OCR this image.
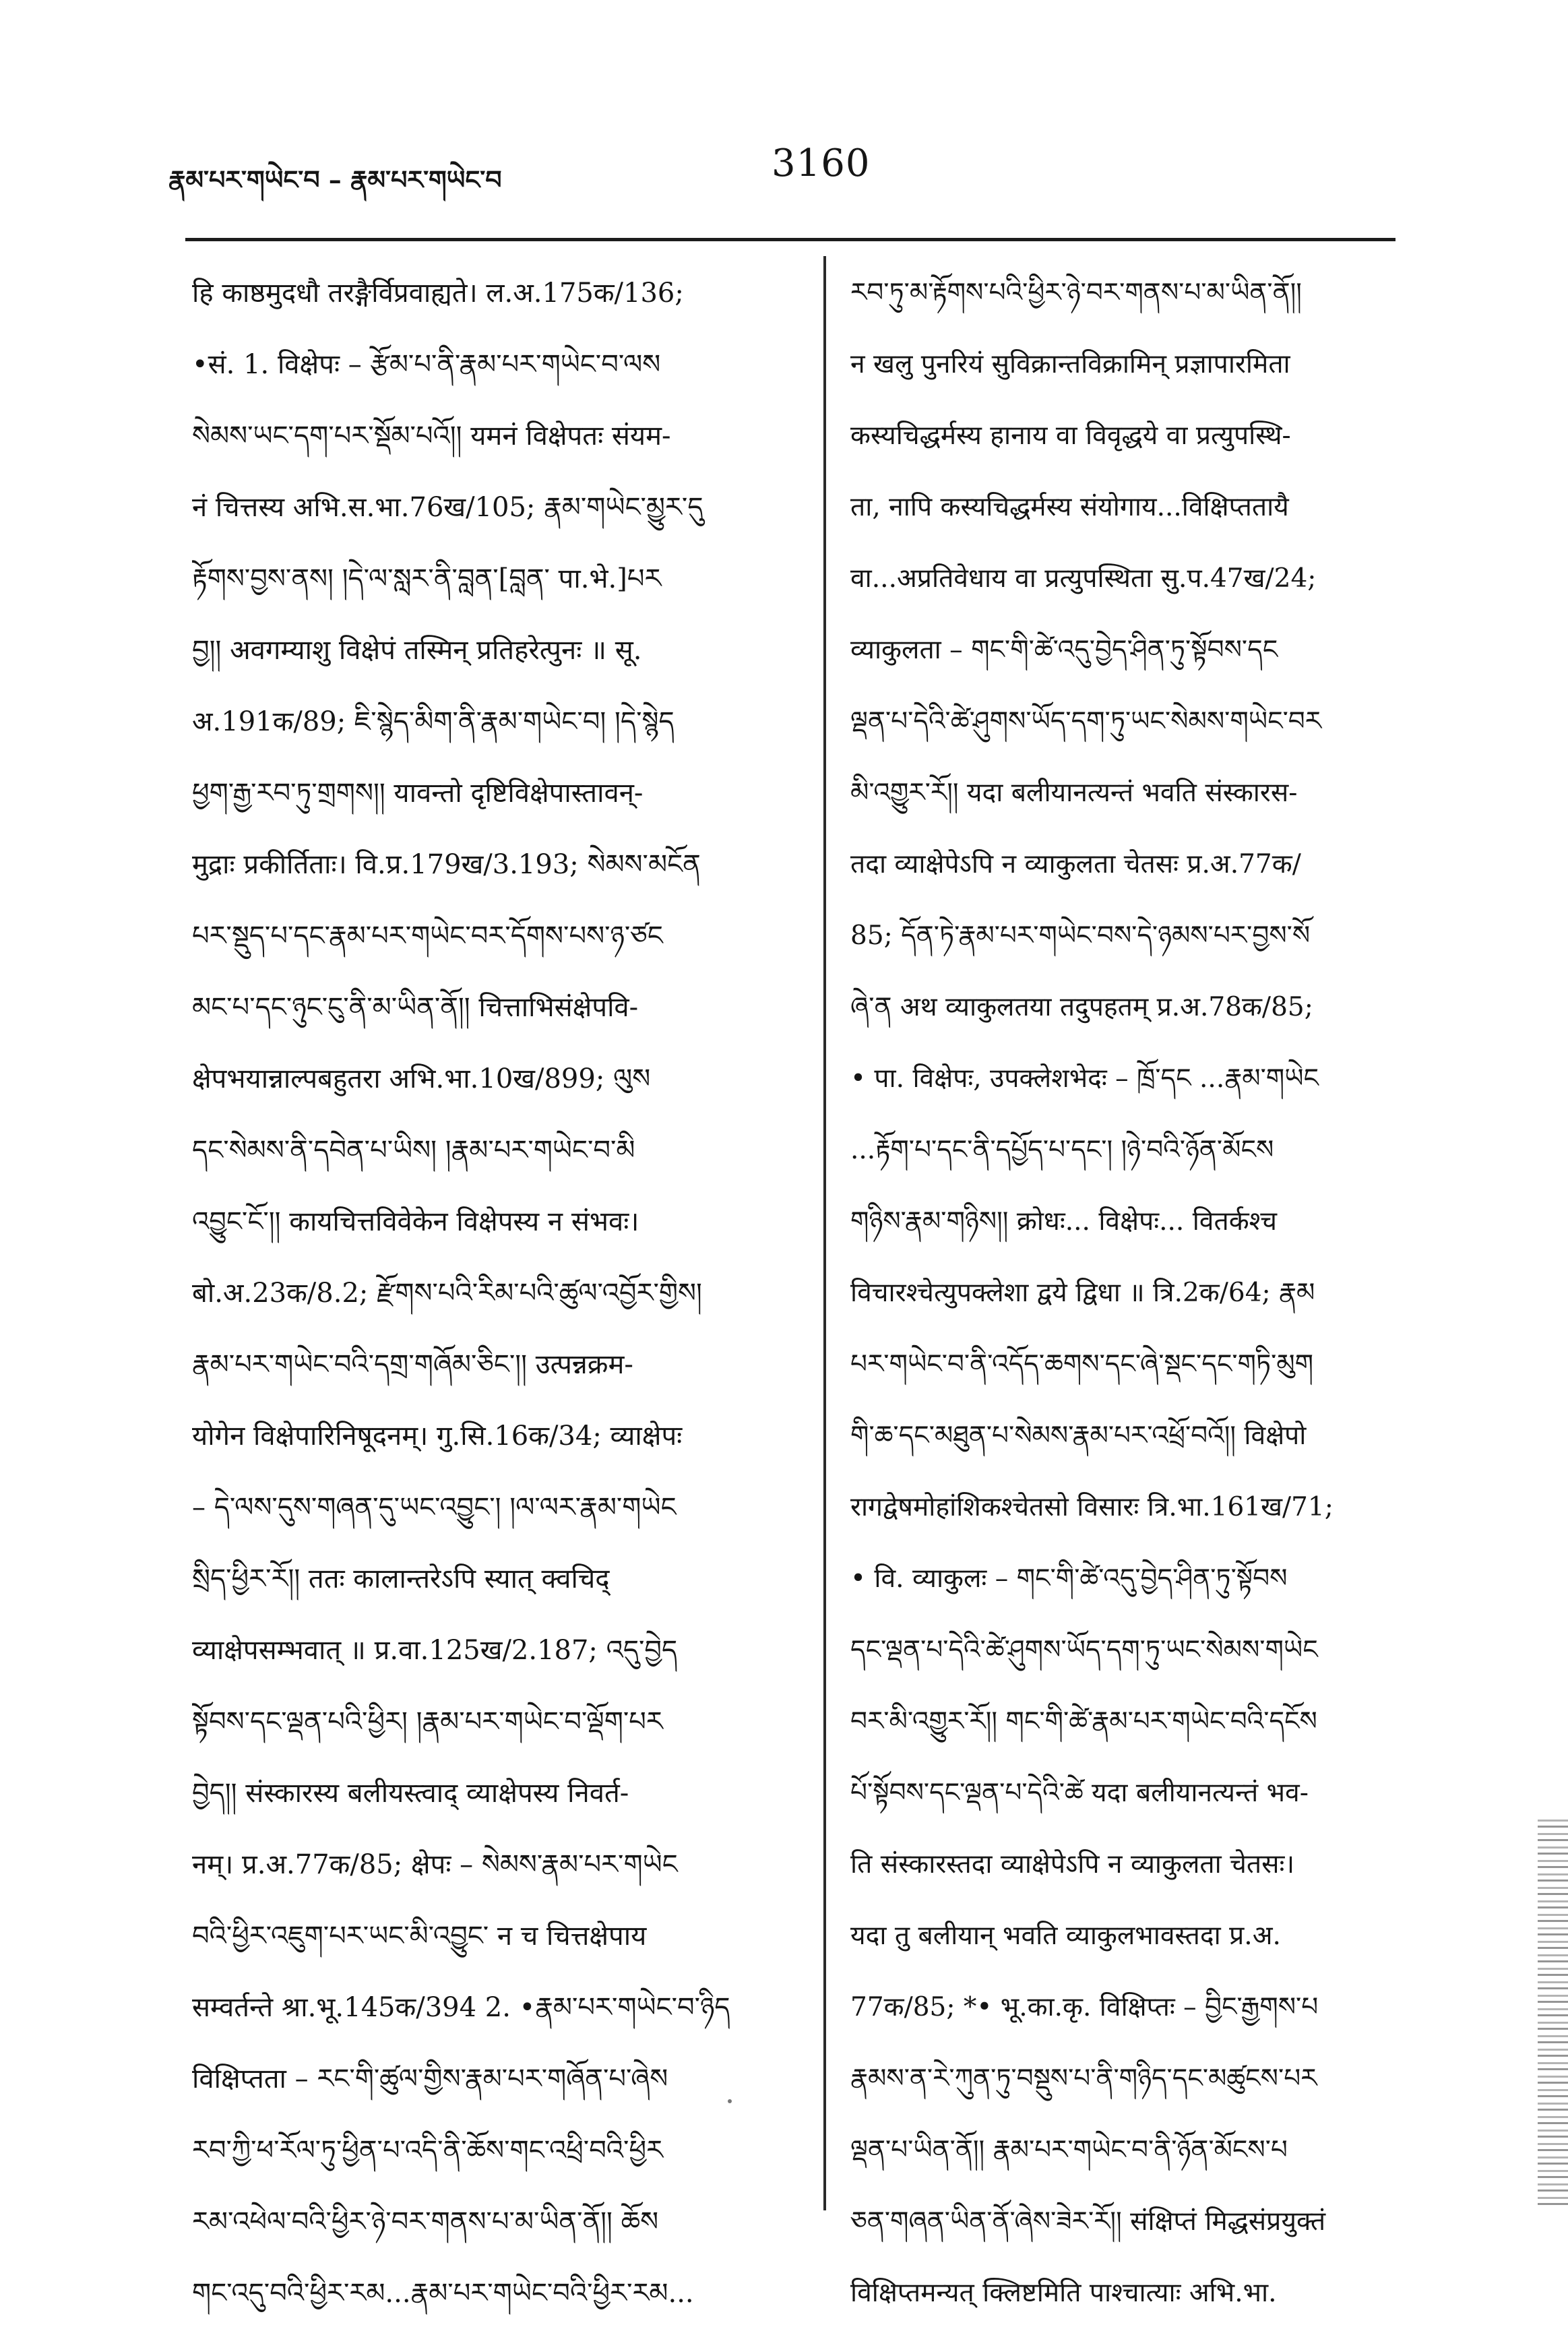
རྣམ་པར་གཡེང་བ – རྣམ་པར་གཡེང་བ	3160
हि काष्ठमुदधौ तरङ्गैर्विप्रवाह्यते। ल.अ.175क/136;
•सं. 1. विक्षेपः – རྩོམ་པ་ནི་རྣམ་པར་གཡེང་བ་ལས
སེམས་ཡང་དག་པར་སྡོམ་པའོ།། यमनं विक्षेपतः संयम-
नं चित्तस्य अभि.स.भा.76ख/105; རྣམ་གཡེང་མྱུར་དུ
རྟོགས་བྱས་ནས། །དེ་ལ་སླར་ནི་བླན་[བླན་ पा.भे.]པར
བྱ།། अवगम्याशु विक्षेपं तस्मिन् प्रतिहरेत्पुनः ॥ सू.
अ.191क/89; ཇི་སྙེད་མིག་ནི་རྣམ་གཡེང་བ། །དེ་སྙེད
ཕྱག་རྒྱ་རབ་ཏུ་གྲགས།། यावन्तो दृष्टिविक्षेपास्तावन्-
मुद्राः प्रकीर्तिताः। वि.प्र.179ख/3.193; སེམས་མངོན
པར་སྡུད་པ་དང་རྣམ་པར་གཡེང་བར་དོགས་པས་ཉ་ཙང
མང་པ་དང་ཉུང་ངུ་ནི་མ་ཡིན་ནོ།། चित्ताभिसंक्षेपवि-
क्षेपभयान्नाल्पबहुतरा अभि.भा.10ख/899; ལུས
དང་སེམས་ནི་དབེན་པ་ཡིས། །རྣམ་པར་གཡེང་བ་མི
འབྱུང་ངོ་།། कायचित्तविवेकेन विक्षेपस्य न संभवः।
बो.अ.23क/8.2; རྫོགས་པའི་རིམ་པའི་ཚུལ་འབྱོར་གྱིས།
རྣམ་པར་གཡེང་བའི་དགྲ་གཞོམ་ཅིང་།། उत्पन्नक्रम-
योगेन विक्षेपारिनिषूदनम्। गु.सि.16क/34; व्याक्षेपः
– དེ་ལས་དུས་གཞན་དུ་ཡང་འབྱུང་། །ལ་ལར་རྣམ་གཡེང
སྲིད་ཕྱིར་རོ།། ततः कालान्तरेऽपि स्यात् क्वचिद्
व्याक्षेपसम्भवात् ॥ प्र.वा.125ख/2.187; འདུ་བྱེད
སྟོབས་དང་ལྡན་པའི་ཕྱིར། །རྣམ་པར་གཡེང་བ་ལྡོག་པར
བྱེད།། संस्कारस्य बलीयस्त्वाद् व्याक्षेपस्य निवर्त-
नम्। प्र.अ.77क/85; क्षेपः – སེམས་རྣམ་པར་གཡེང
བའི་ཕྱིར་འཇུག་པར་ཡང་མི་འབྱུང་ न च चित्तक्षेपाय
सम्वर्तन्ते श्रा.भू.145क/394 2. •རྣམ་པར་གཡེང་བ་ཉིད
विक्षिप्तता – རང་གི་ཚུལ་གྱིས་རྣམ་པར་གཞོན་པ་ཞེས
རབ་ཀྱི་ཕ་རོལ་ཏུ་ཕྱིན་པ་འདི་ནི་ཆོས་གང་འཕྲི་བའི་ཕྱིར
རམ་འཕེལ་བའི་ཕྱིར་ཉེ་བར་གནས་པ་མ་ཡིན་ནོ།། ཆོས
གང་འདུ་བའི་ཕྱིར་རམ...རྣམ་པར་གཡེང་བའི་ཕྱིར་རམ...
རབ་ཏུ་མ་རྟོགས་པའི་ཕྱིར་ཉེ་བར་གནས་པ་མ་ཡིན་ནོ།།
न खलु पुनरियं सुविक्रान्तविक्रामिन् प्रज्ञापारमिता
कस्यचिद्धर्मस्य हानाय वा विवृद्धये वा प्रत्युपस्थि-
ता, नापि कस्यचिद्धर्मस्य संयोगाय...विक्षिप्ततायै
वा...अप्रतिवेधाय वा प्रत्युपस्थिता सु.प.47ख/24;
व्याकुलता – གང་གི་ཚེ་འདུ་བྱེད་ཤིན་ཏུ་སྟོབས་དང
ལྡན་པ་དེའི་ཚེ་ཤུགས་ཡོད་དག་ཏུ་ཡང་སེམས་གཡེང་བར
མི་འགྱུར་རོ།། यदा बलीयानत्यन्तं भवति संस्कारस-
तदा व्याक्षेपेऽपि न व्याकुलता चेतसः प्र.अ.77क/
85; དོན་ཏེ་རྣམ་པར་གཡེང་བས་དེ་ཉམས་པར་བྱས་སོ
ཞེ་ན अथ व्याकुलतया तदुपहतम् प्र.अ.78क/85;
• पा. विक्षेपः, उपक्लेशभेदः – ཁྲོ་དང ...རྣམ་གཡེང
...རྟོག་པ་དང་ནི་དཔྱོད་པ་དང་། །ཉེ་བའི་ཉོན་མོངས
གཉིས་རྣམ་གཉིས།། क्रोधः... विक्षेपः... वितर्कश्च
विचारश्चेत्युपक्लेशा द्वये द्विधा ॥ त्रि.2क/64; རྣམ
པར་གཡེང་བ་ནི་འདོད་ཆགས་དང་ཞེ་སྡང་དང་གཏི་མུག
གི་ཆ་དང་མཐུན་པ་སེམས་རྣམ་པར་འཕྲོ་བའོ།། विक्षेपो
रागद्वेषमोहांशिकश्चेतसो विसारः त्रि.भा.161ख/71;
• वि. व्याकुलः – གང་གི་ཚེ་འདུ་བྱེད་ཤིན་ཏུ་སྟོབས
དང་ལྡན་པ་དེའི་ཚེ་ཤུགས་ཡོད་དག་ཏུ་ཡང་སེམས་གཡེང
བར་མི་འགྱུར་རོ།། གང་གི་ཚེ་རྣམ་པར་གཡེང་བའི་དངོས
པོ་སྟོབས་དང་ལྡན་པ་དེའི་ཚེ यदा बलीयानत्यन्तं भव-
ति संस्कारस्तदा व्याक्षेपेऽपि न व्याकुलता चेतसः।
यदा तु बलीयान् भवति व्याकुलभावस्तदा प्र.अ.
77क/85; *• भू.का.कृ. विक्षिप्तः – བྱིང་རྒྱགས་པ
རྣམས་ན་རེ་ཀུན་ཏུ་བསྡུས་པ་ནི་གཉིད་དང་མཚུངས་པར
ལྡན་པ་ཡིན་ནོ།། རྣམ་པར་གཡེང་བ་ནི་ཉོན་མོངས་པ
ཅན་གཞན་ཡིན་ནོ་ཞེས་ཟེར་རོ།། संक्षिप्तं मिद्धसंप्रयुक्तं
विक्षिप्तमन्यत् क्लिष्टमिति पाश्चात्याः अभि.भा.
